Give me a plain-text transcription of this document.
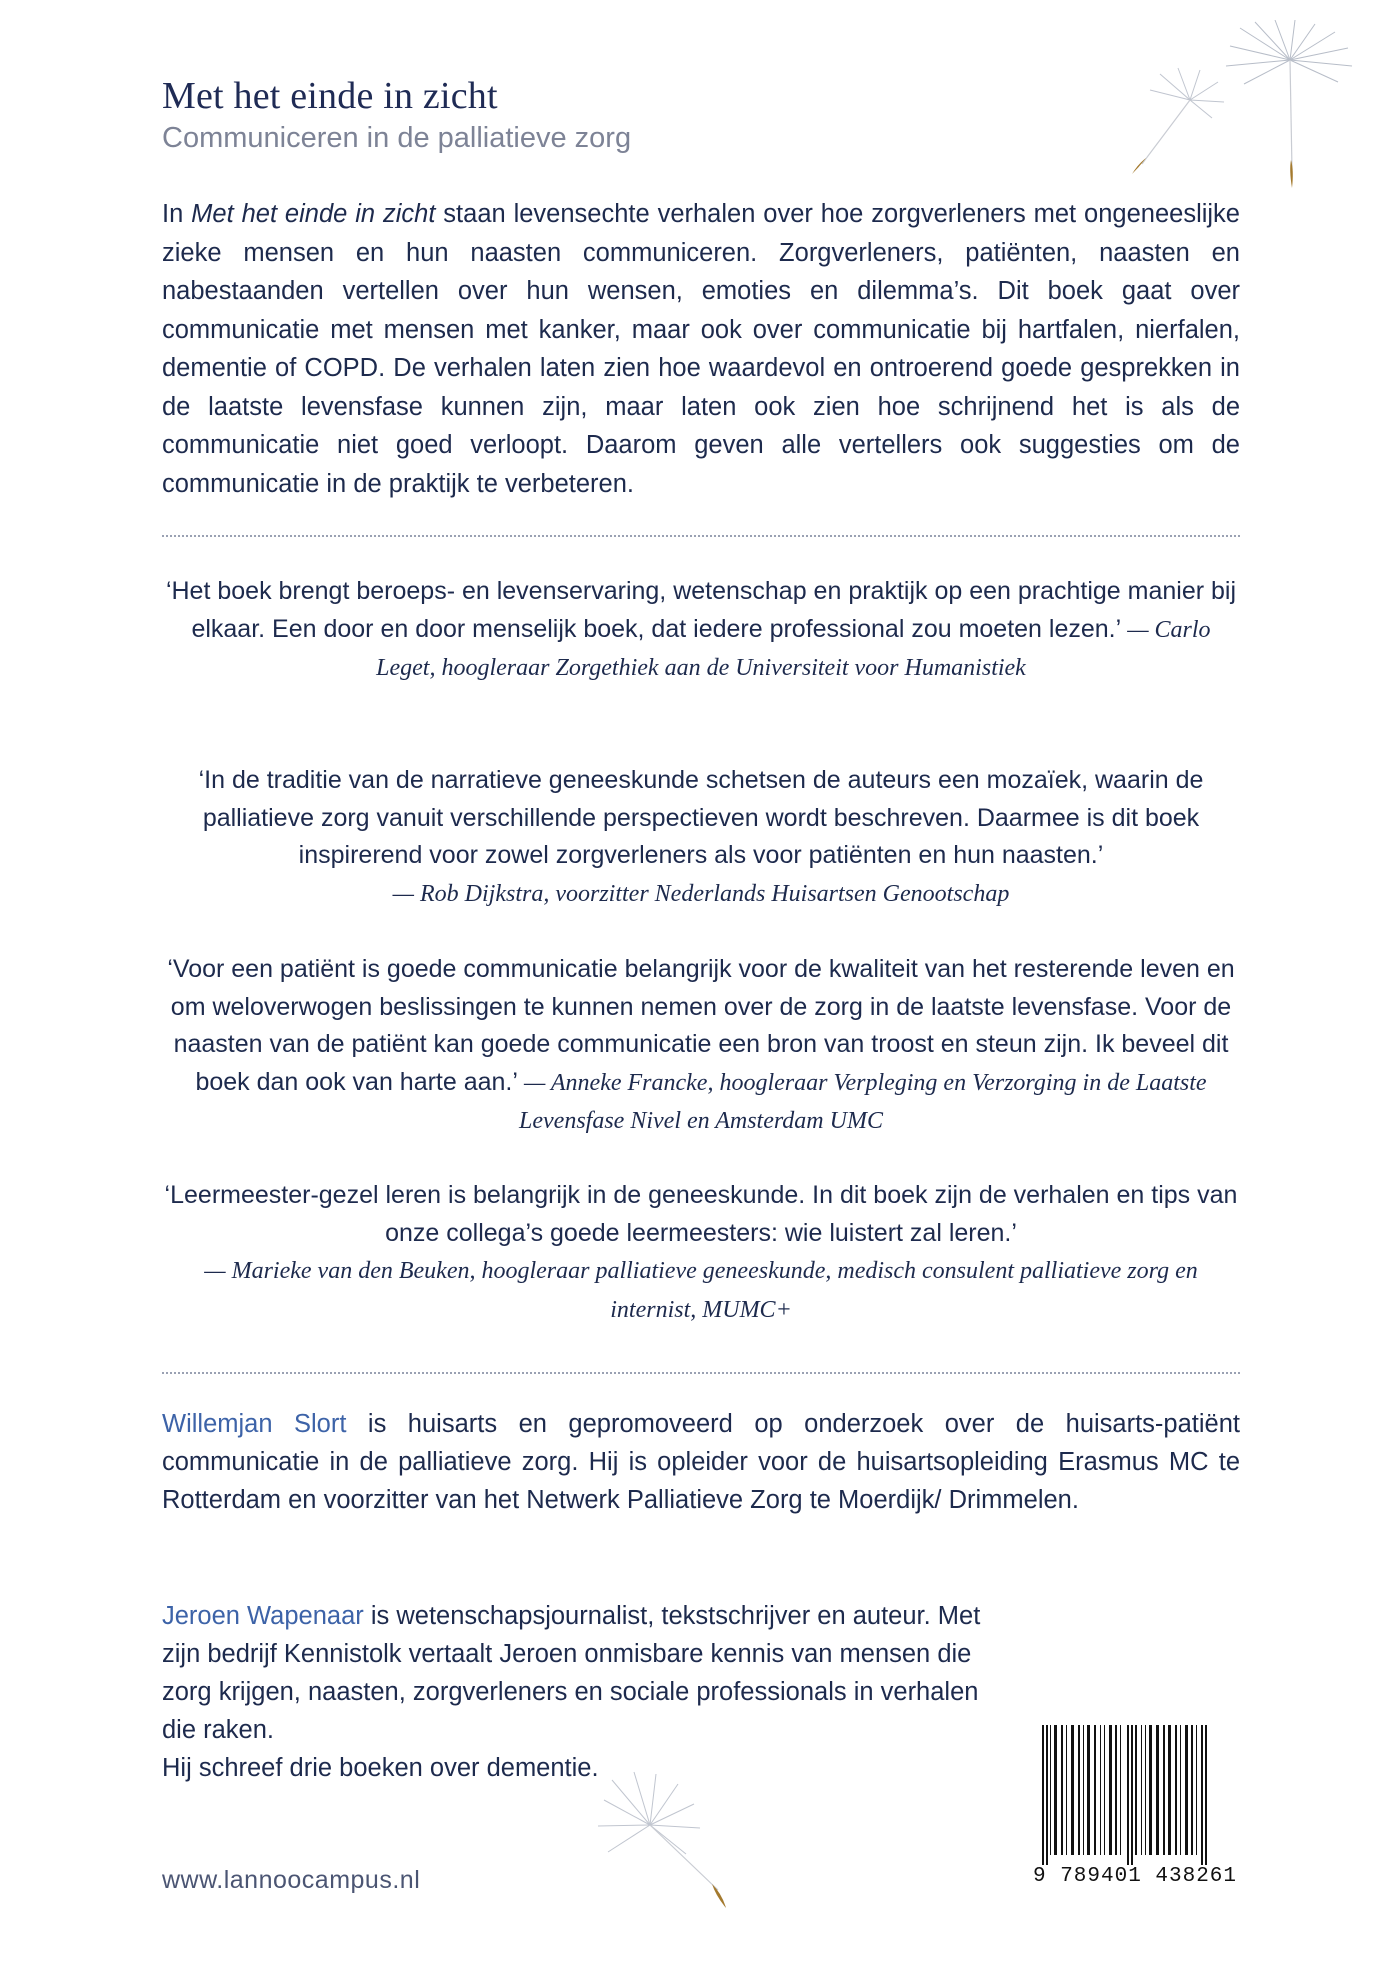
Met het einde in zicht
Communiceren in de palliatieve zorg

In Met het einde in zicht staan levensechte verhalen over hoe zorgverleners met ongeneeslijke zieke mensen en hun naasten communiceren. Zorgverleners, patiënten, naasten en nabestaanden vertellen over hun wensen, emoties en dilemma’s. Dit boek gaat over communicatie met mensen met kanker, maar ook over communicatie bij hartfalen, nierfalen, dementie of COPD. De verhalen laten zien hoe waardevol en ontroerend goede gesprekken in de laatste levensfase kunnen zijn, maar laten ook zien hoe schrijnend het is als de communicatie niet goed verloopt. Daarom geven alle vertellers ook suggesties om de communicatie in de praktijk te verbeteren.

‘Het boek brengt beroeps- en levenservaring, wetenschap en praktijk op een prachtige manier bij elkaar. Een door en door menselijk boek, dat iedere professional zou moeten lezen.’ — Carlo Leget, hoogleraar Zorgethiek aan de Universiteit voor Humanistiek

‘In de traditie van de narratieve geneeskunde schetsen de auteurs een mozaïek, waarin de palliatieve zorg vanuit verschillende perspectieven wordt beschreven. Daarmee is dit boek inspirerend voor zowel zorgverleners als voor patiënten en hun naasten.’
— Rob Dijkstra, voorzitter Nederlands Huisartsen Genootschap

‘Voor een patiënt is goede communicatie belangrijk voor de kwaliteit van het resterende leven en om weloverwogen beslissingen te kunnen nemen over de zorg in de laatste levensfase. Voor de naasten van de patiënt kan goede communicatie een bron van troost en steun zijn. Ik beveel dit boek dan ook van harte aan.’ — Anneke Francke, hoogleraar Verpleging en Verzorging in de Laatste Levensfase Nivel en Amsterdam UMC

‘Leermeester-gezel leren is belangrijk in de geneeskunde. In dit boek zijn de verhalen en tips van onze collega’s goede leermeesters: wie luistert zal leren.’
— Marieke van den Beuken, hoogleraar palliatieve geneeskunde, medisch consulent palliatieve zorg en internist, MUMC+

Willemjan Slort is huisarts en gepromoveerd op onderzoek over de huisarts-patiënt communicatie in de palliatieve zorg. Hij is opleider voor de huisartsopleiding Erasmus MC te Rotterdam en voorzitter van het Netwerk Palliatieve Zorg te Moerdijk/ Drimmelen.

Jeroen Wapenaar is wetenschapsjournalist, tekstschrijver en auteur. Met zijn bedrijf Kennistolk vertaalt Jeroen onmisbare kennis van mensen die zorg krijgen, naasten, zorgverleners en sociale professionals in verhalen die raken.
Hij schreef drie boeken over dementie.

www.lannoocampus.nl	9 789401 438261
